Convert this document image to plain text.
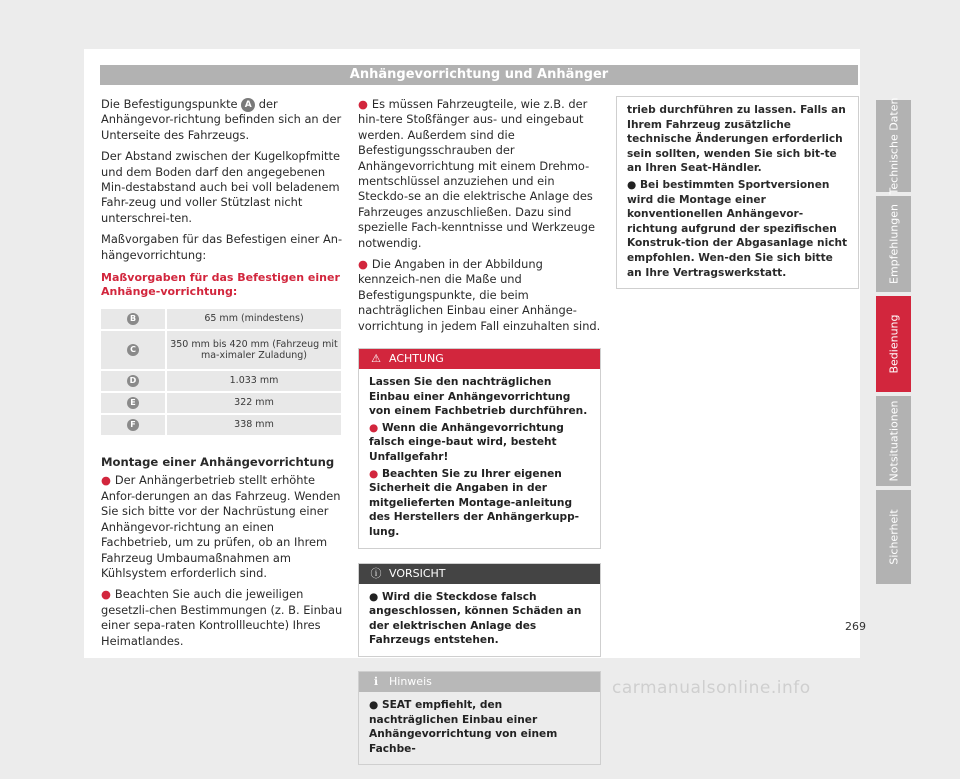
Anhängevorrichtung und Anhänger

Die Befestigungspunkte A der Anhängevor-richtung befinden sich an der Unterseite des Fahrzeugs.

Der Abstand zwischen der Kugelkopfmitte und dem Boden darf den angegebenen Min-destabstand auch bei voll beladenem Fahr-zeug und voller Stützlast nicht unterschrei-ten.

Maßvorgaben für das Befestigen einer An-hängevorrichtung:

Maßvorgaben für das Befestigen einer Anhänge-vorrichtung:
B	65 mm (mindestens)
C	350 mm bis 420 mm (Fahrzeug mit ma-ximaler Zuladung)
D	1.033 mm
E	322 mm
F	338 mm
Montage einer Anhängevorrichtung

● Der Anhängerbetrieb stellt erhöhte Anfor-derungen an das Fahrzeug. Wenden Sie sich bitte vor der Nachrüstung einer Anhängevor-richtung an einen Fachbetrieb, um zu prüfen, ob an Ihrem Fahrzeug Umbaumaßnahmen am Kühlsystem erforderlich sind.

● Beachten Sie auch die jeweiligen gesetzli-chen Bestimmungen (z. B. Einbau einer sepa-raten Kontrollleuchte) Ihres Heimatlandes.

● Es müssen Fahrzeugteile, wie z.B. der hin-tere Stoßfänger aus- und eingebaut werden. Außerdem sind die Befestigungsschrauben der Anhängevorrichtung mit einem Drehmo-mentschlüssel anzuziehen und ein Steckdo-se an die elektrische Anlage des Fahrzeuges anzuschließen. Dazu sind spezielle Fach-kenntnisse und Werkzeuge notwendig.

● Die Angaben in der Abbildung kennzeich-nen die Maße und Befestigungspunkte, die beim nachträglichen Einbau einer Anhänge-vorrichtung in jedem Fall einzuhalten sind.

⚠ ACHTUNG

Lassen Sie den nachträglichen Einbau einer Anhängevorrichtung von einem Fachbetrieb durchführen.

● Wenn die Anhängevorrichtung falsch einge-baut wird, besteht Unfallgefahr!

● Beachten Sie zu Ihrer eigenen Sicherheit die Angaben in der mitgelieferten Montage-anleitung des Herstellers der Anhängerkupp-lung.

ⓘ VORSICHT

● Wird die Steckdose falsch angeschlossen, können Schäden an der elektrischen Anlage des Fahrzeugs entstehen.

ℹ Hinweis

● SEAT empfiehlt, den nachträglichen Einbau einer Anhängevorrichtung von einem Fachbe-

trieb durchführen zu lassen. Falls an Ihrem Fahrzeug zusätzliche technische Änderungen erforderlich sein sollten, wenden Sie sich bit-te an Ihren Seat-Händler.

● Bei bestimmten Sportversionen wird die Montage einer konventionellen Anhängevor-richtung aufgrund der spezifischen Konstruk-tion der Abgasanlage nicht empfohlen. Wen-den Sie sich bitte an Ihre Vertragswerkstatt.

Technische Daten
Empfehlungen
Bedienung
Notsituationen
Sicherheit
269
carmanualsonline.info
